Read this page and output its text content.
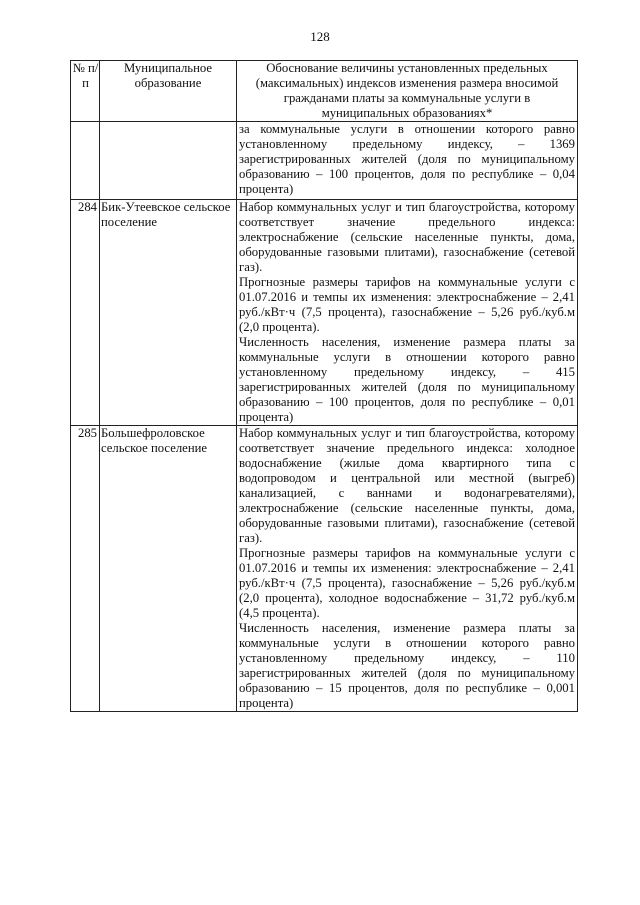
128
№ п/п	Муниципальное образование	Обоснование величины установленных предельных (максимальных) индексов изменения размера вносимой гражданами платы за коммунальные услуги в муниципальных образованиях*

		за коммунальные услуги в отношении которого равно установленному предельному индексу, – 1369 зарегистрированных жителей (доля по муниципальному образованию – 100 процентов, доля по республике – 0,04 процента)

284	Бик-Утеевское сельское поселение	Набор коммунальных услуг и тип благоустройства, которому соответствует значение предельного индекса: электроснабжение (сельские населенные пункты, дома, оборудованные газовыми плитами), газоснабжение (сетевой газ).
Прогнозные размеры тарифов на коммунальные услуги с 01.07.2016 и темпы их изменения: электроснабжение – 2,41 руб./кВт·ч (7,5 процента), газоснабжение – 5,26 руб./куб.м (2,0 процента).
Численность населения, изменение размера платы за коммунальные услуги в отношении которого равно установленному предельному индексу, – 415 зарегистрированных жителей (доля по муниципальному образованию – 100 процентов, доля по республике – 0,01 процента)

285	Большефроловское сельское поселение	Набор коммунальных услуг и тип благоустройства, которому соответствует значение предельного индекса: холодное водоснабжение (жилые дома квартирного типа с водопроводом и центральной или местной (выгреб) канализацией, с ваннами и водонагревателями), электроснабжение (сельские населенные пункты, дома, оборудованные газовыми плитами), газоснабжение (сетевой газ).
Прогнозные размеры тарифов на коммунальные услуги с 01.07.2016 и темпы их изменения: электроснабжение – 2,41 руб./кВт·ч (7,5 процента), газоснабжение – 5,26 руб./куб.м (2,0 процента), холодное водоснабжение – 31,72 руб./куб.м (4,5 процента).
Численность населения, изменение размера платы за коммунальные услуги в отношении которого равно установленному предельному индексу, – 110 зарегистрированных жителей (доля по муниципальному образованию – 15 процентов, доля по республике – 0,001 процента)
